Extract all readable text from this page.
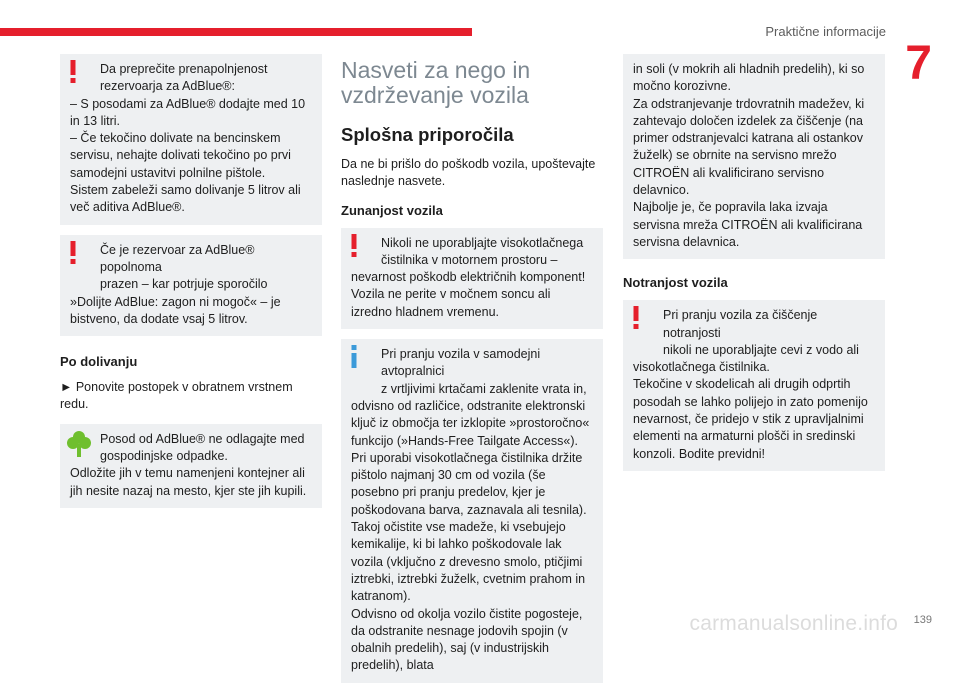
Praktične informacije
7

Da preprečite prenapolnjenost

rezervoarja za AdBlue®:

– S posodami za AdBlue® dodajte med 10 in 13 litri.

– Če tekočino dolivate na bencinskem servisu, nehajte dolivati tekočino po prvi samodejni ustavitvi polnilne pištole.

Sistem zabeleži samo dolivanje 5 litrov ali več aditiva AdBlue®.

Če je rezervoar za AdBlue® popolnoma

prazen – kar potrjuje sporočilo

»Dolijte AdBlue: zagon ni mogoč« – je bistveno, da dodate vsaj 5 litrov.

Po dolivanju
► Ponovite postopek v obratnem vrstnem redu.

Posod od AdBlue® ne odlagajte med

gospodinjske odpadke.

Odložite jih v temu namenjeni kontejner ali jih nesite nazaj na mesto, kjer ste jih kupili.

Nasveti za nego in
vzdrževanje vozila
Splošna priporočila

Da ne bi prišlo do poškodb vozila, upoštevajte naslednje nasvete.

Zunanjost vozila

Nikoli ne uporabljajte visokotlačnega

čistilnika v motornem prostoru –

nevarnost poškodb električnih komponent!

Vozila ne perite v močnem soncu ali izredno hladnem vremenu.

Pri pranju vozila v samodejni avtopralnici

z vrtljivimi krtačami zaklenite vrata in,

odvisno od različice, odstranite elektronski ključ iz območja ter izklopite »prostoročno« funkcijo (»Hands-Free Tailgate Access«).

Pri uporabi visokotlačnega čistilnika držite pištolo najmanj 30 cm od vozila (še posebno pri pranju predelov, kjer je poškodovana barva, zaznavala ali tesnila).

Takoj očistite vse madeže, ki vsebujejo kemikalije, ki bi lahko poškodovale lak vozila (vključno z drevesno smolo, ptičjimi iztrebki, iztrebki žuželk, cvetnim prahom in katranom).

Odvisno od okolja vozilo čistite pogosteje, da odstranite nesnage jodovih spojin (v obalnih predelih), saj (v industrijskih predelih), blata

in soli (v mokrih ali hladnih predelih), ki so močno korozivne.

Za odstranjevanje trdovratnih madežev, ki zahtevajo določen izdelek za čiščenje (na primer odstranjevalci katrana ali ostankov žuželk) se obrnite na servisno mrežo CITROËN ali kvalificirano servisno delavnico.

Najbolje je, če popravila laka izvaja servisna mreža CITROËN ali kvalificirana servisna delavnica.

Notranjost vozila

Pri pranju vozila za čiščenje notranjosti

nikoli ne uporabljajte cevi z vodo ali

visokotlačnega čistilnika.

Tekočine v skodelicah ali drugih odprtih posodah se lahko polijejo in zato pomenijo nevarnost, če pridejo v stik z upravljalnimi elementi na armaturni plošči in sredinski konzoli. Bodite previdni!

carmanualsonline.info 139
